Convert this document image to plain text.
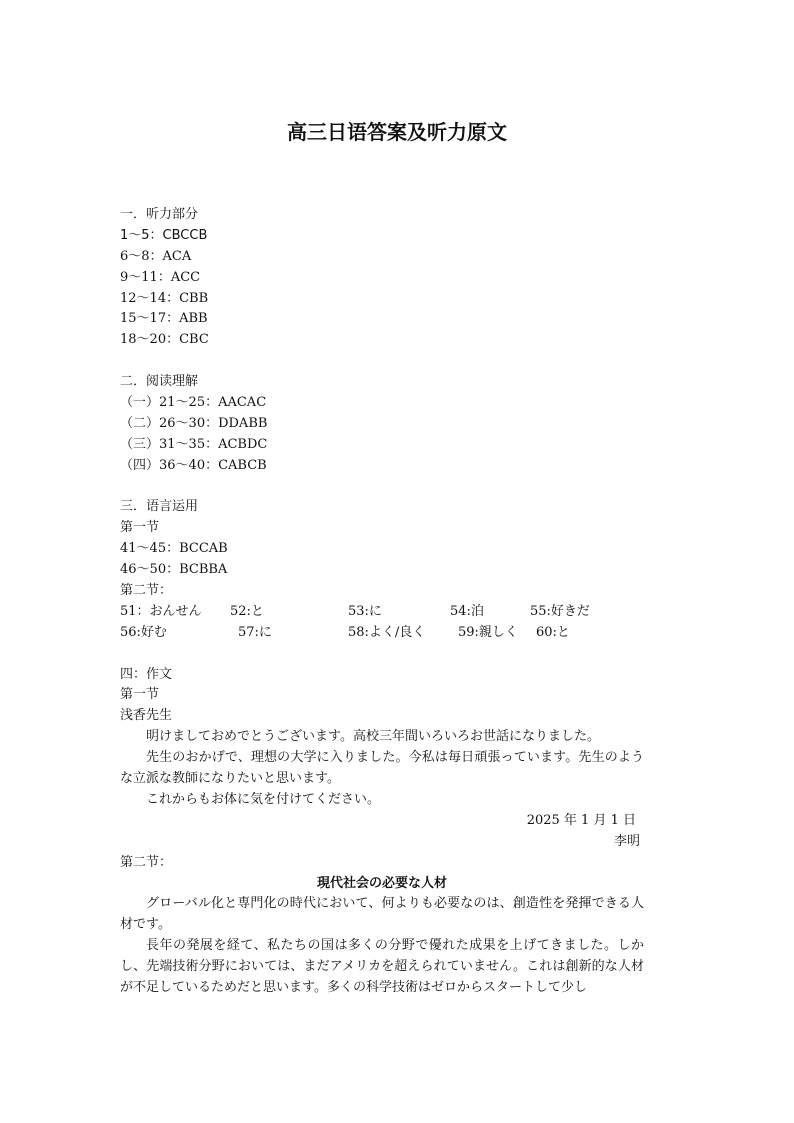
高三日语答案及听力原文
一．听力部分
1～5：CBCCB
6～8：ACA
9～11：ACC
12～14：CBB
15～17：ABB
18～20：CBC
二．阅读理解
（一）21～25：AACAC
（二）26～30：DDABB
（三）31～35：ACBDC
（四）36～40：CABCB
三．语言运用
第一节
41～45：BCCAB
46～50：BCBBA
第二节：
51：おんせん	52:と	53:に	54:泊	55:好きだ
56:好む	57:に	58:よく/良く	59:親しく	60:と
四：作文
第一节
浅香先生
明けましておめでとうございます。高校三年間いろいろお世話になりました。
先生のおかげで、理想の大学に入りました。今私は毎日頑張っています。先生のような立派な教師になりたいと思います。
これからもお体に気を付けてください。
2025 年 1 月 1 日
李明
第二节：
現代社会の必要な人材
グローバル化と専門化の時代において、何よりも必要なのは、創造性を発揮できる人材です。
長年の発展を経て、私たちの国は多くの分野で優れた成果を上げてきました。しかし、先端技術分野においては、まだアメリカを超えられていません。これは創新的な人材が不足しているためだと思います。多くの科学技術はゼロからスタートして少し
